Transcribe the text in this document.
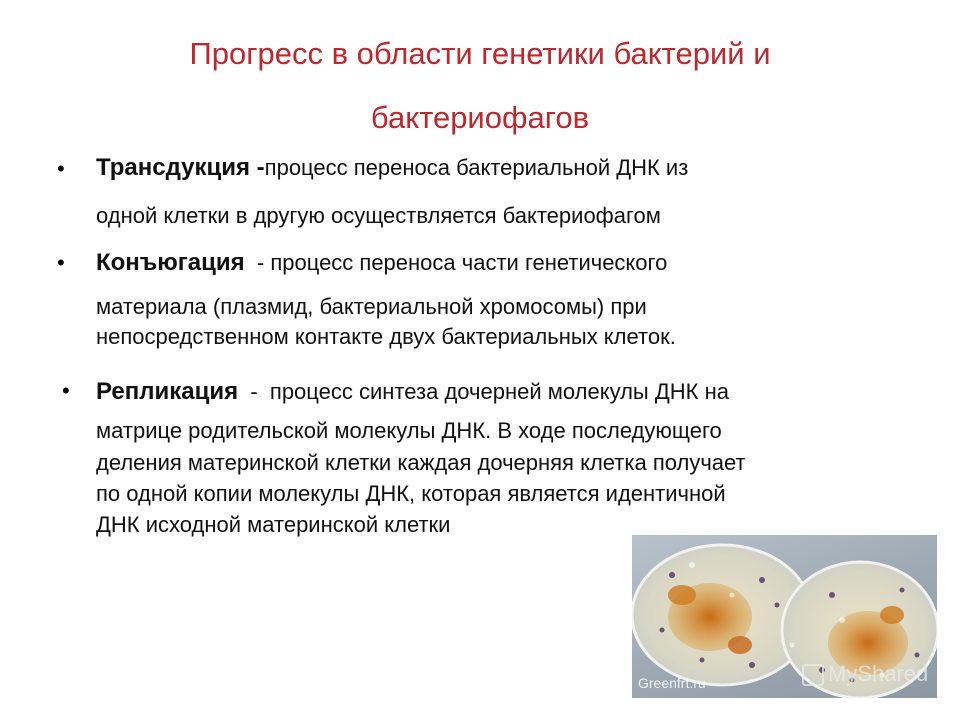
Прогресс в области генетики бактерий и
бактериофагов
• Трансдукция -процесс переноса бактериальной ДНК из
одной клетки в другую осуществляется бактериофагом
• Конъюгация  - процесс переноса части генетического
материала (плазмид, бактериальной хромосомы) при
непосредственном контакте двух бактериальных клеток.
• Репликация  -  процесс синтеза дочерней молекулы ДНК на
матрице родительской молекулы ДНК. В ходе последующего
деления материнской клетки каждая дочерняя клетка получает
по одной копии молекулы ДНК, которая является идентичной
ДНК исходной материнской клетки
Greenfrt.ru	MyShared
